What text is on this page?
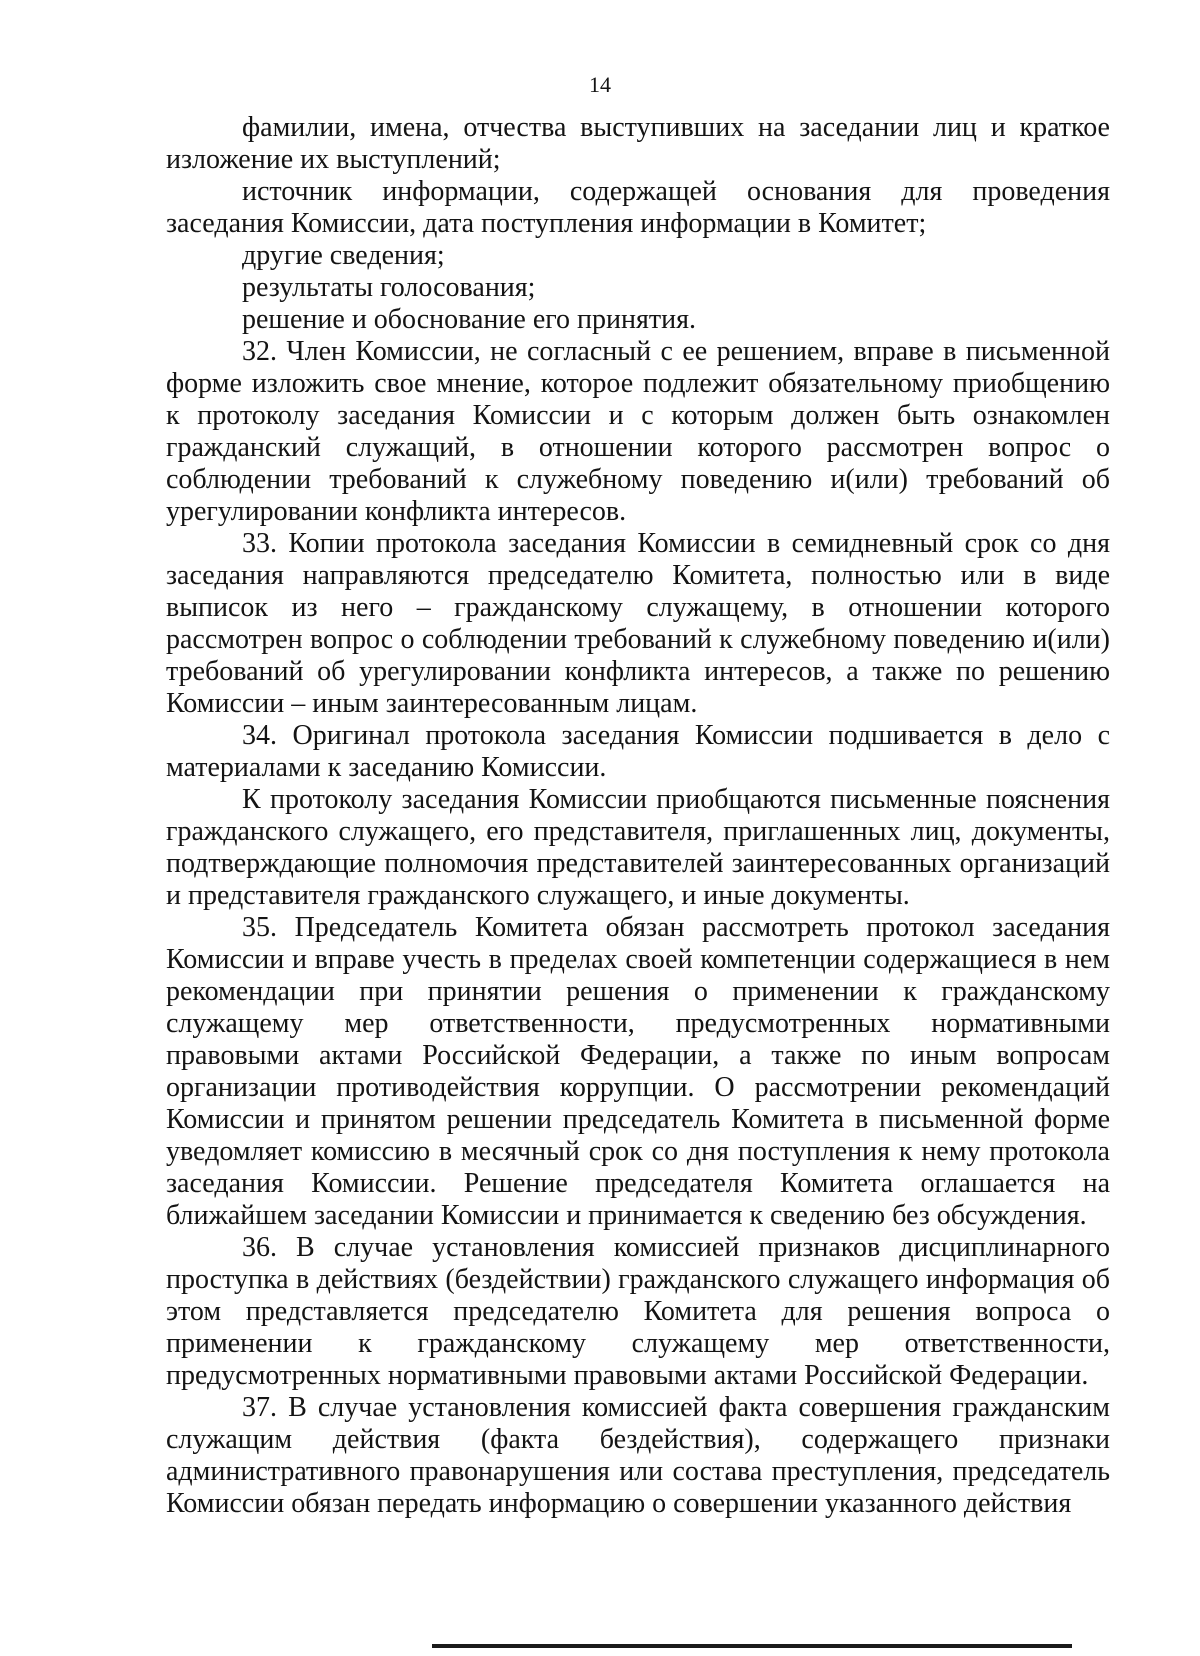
14

фамилии, имена, отчества выступивших на заседании лиц и краткое изложение их выступлений;

источник информации, содержащей основания для проведения заседания Комиссии, дата поступления информации в Комитет;

другие сведения;

результаты голосования;

решение и обоснование его принятия.

32. Член Комиссии, не согласный с ее решением, вправе в письменной форме изложить свое мнение, которое подлежит обязательному приобщению к протоколу заседания Комиссии и с которым должен быть ознакомлен гражданский служащий, в отношении которого рассмотрен вопрос о соблюдении требований к служебному поведению и(или) требований об урегулировании конфликта интересов.

33. Копии протокола заседания Комиссии в семидневный срок со дня заседания направляются председателю Комитета, полностью или в виде выписок из него – гражданскому служащему, в отношении которого рассмотрен вопрос о соблюдении требований к служебному поведению и(или) требований об урегулировании конфликта интересов, а также по решению Комиссии – иным заинтересованным лицам.

34. Оригинал протокола заседания Комиссии подшивается в дело с материалами к заседанию Комиссии.

К протоколу заседания Комиссии приобщаются письменные пояснения гражданского служащего, его представителя, приглашенных лиц, документы, подтверждающие полномочия представителей заинтересованных организаций и представителя гражданского служащего, и иные документы.

35. Председатель Комитета обязан рассмотреть протокол заседания Комиссии и вправе учесть в пределах своей компетенции содержащиеся в нем рекомендации при принятии решения о применении к гражданскому служащему мер ответственности, предусмотренных нормативными правовыми актами Российской Федерации, а также по иным вопросам организации противодействия коррупции. О рассмотрении рекомендаций Комиссии и принятом решении председатель Комитета в письменной форме уведомляет комиссию в месячный срок со дня поступления к нему протокола заседания Комиссии. Решение председателя Комитета оглашается на ближайшем заседании Комиссии и принимается к сведению без обсуждения.

36. В случае установления комиссией признаков дисциплинарного проступка в действиях (бездействии) гражданского служащего информация об этом представляется председателю Комитета для решения вопроса о применении к гражданскому служащему мер ответственности, предусмотренных нормативными правовыми актами Российской Федерации.

37. В случае установления комиссией факта совершения гражданским служащим действия (факта бездействия), содержащего признаки административного правонарушения или состава преступления, председатель Комиссии обязан передать информацию о совершении указанного действия
